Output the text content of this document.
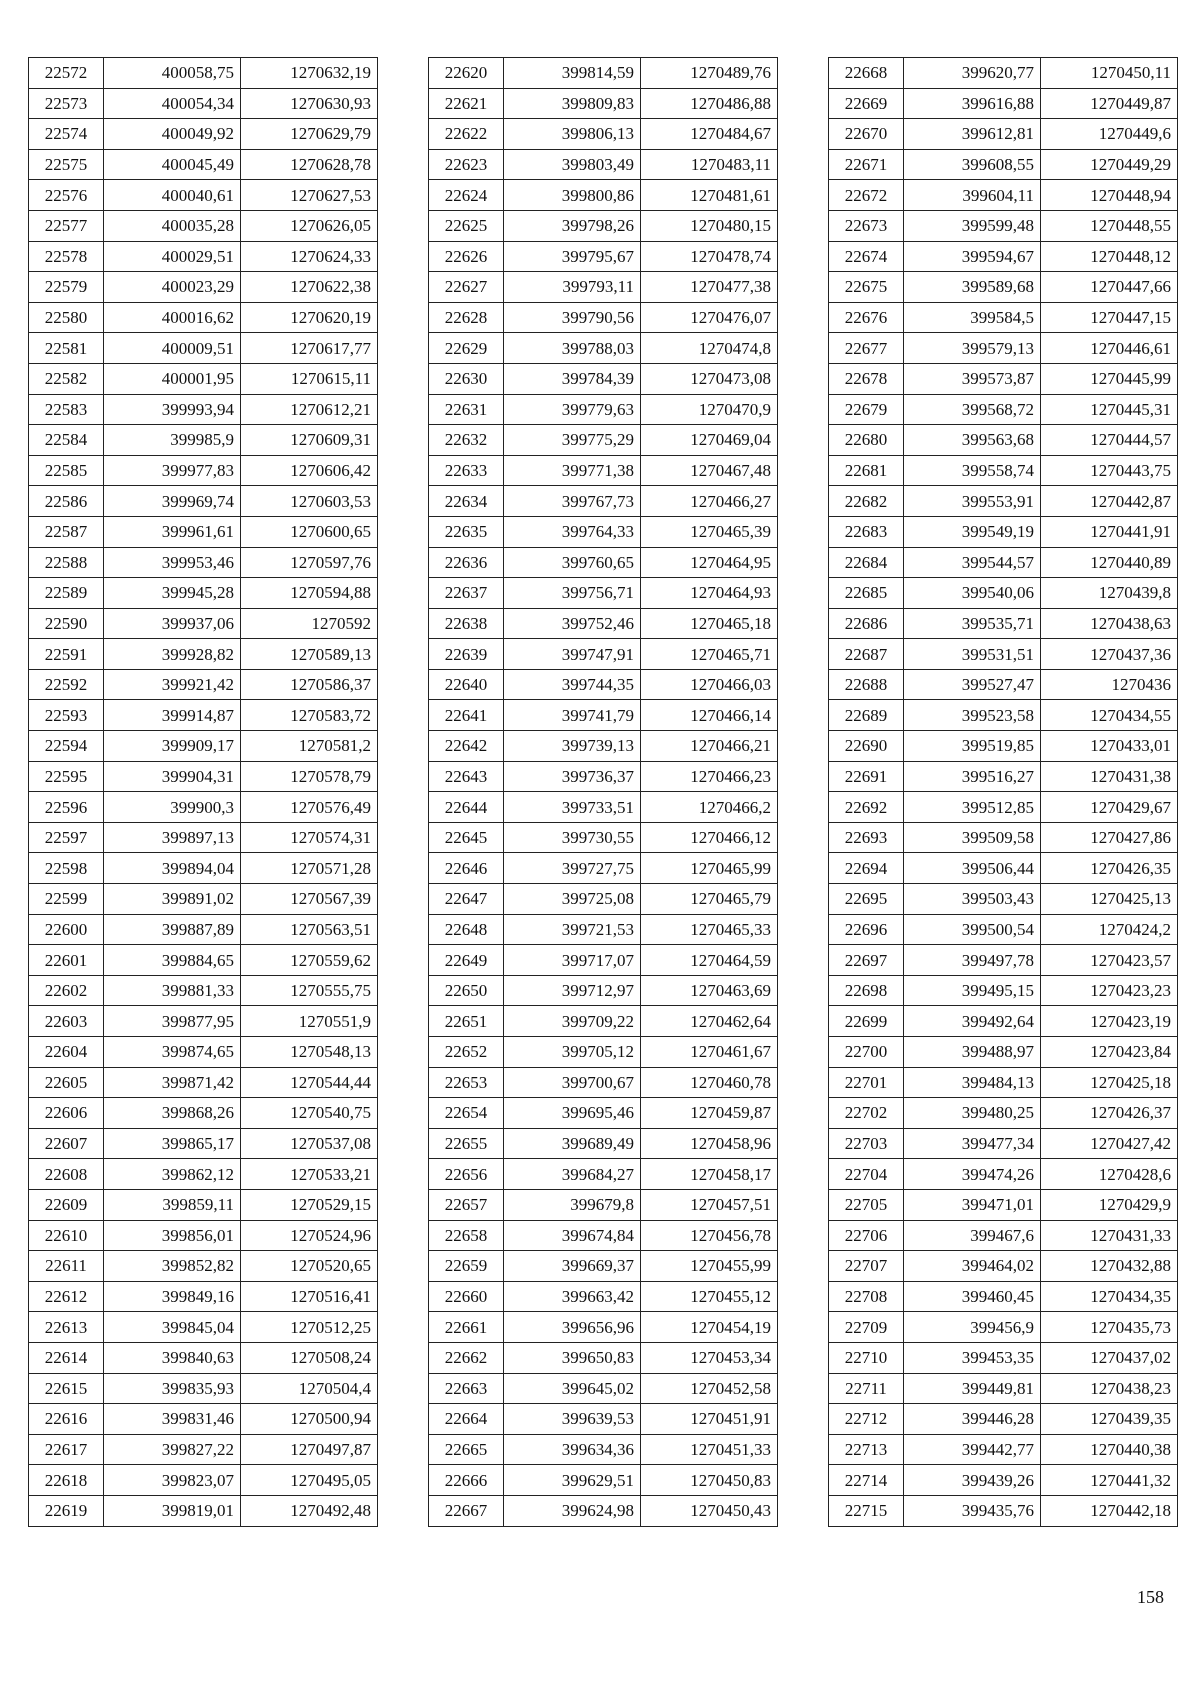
22572	400058,75	1270632,19
22573	400054,34	1270630,93
22574	400049,92	1270629,79
22575	400045,49	1270628,78
22576	400040,61	1270627,53
22577	400035,28	1270626,05
22578	400029,51	1270624,33
22579	400023,29	1270622,38
22580	400016,62	1270620,19
22581	400009,51	1270617,77
22582	400001,95	1270615,11
22583	399993,94	1270612,21
22584	399985,9	1270609,31
22585	399977,83	1270606,42
22586	399969,74	1270603,53
22587	399961,61	1270600,65
22588	399953,46	1270597,76
22589	399945,28	1270594,88
22590	399937,06	1270592
22591	399928,82	1270589,13
22592	399921,42	1270586,37
22593	399914,87	1270583,72
22594	399909,17	1270581,2
22595	399904,31	1270578,79
22596	399900,3	1270576,49
22597	399897,13	1270574,31
22598	399894,04	1270571,28
22599	399891,02	1270567,39
22600	399887,89	1270563,51
22601	399884,65	1270559,62
22602	399881,33	1270555,75
22603	399877,95	1270551,9
22604	399874,65	1270548,13
22605	399871,42	1270544,44
22606	399868,26	1270540,75
22607	399865,17	1270537,08
22608	399862,12	1270533,21
22609	399859,11	1270529,15
22610	399856,01	1270524,96
22611	399852,82	1270520,65
22612	399849,16	1270516,41
22613	399845,04	1270512,25
22614	399840,63	1270508,24
22615	399835,93	1270504,4
22616	399831,46	1270500,94
22617	399827,22	1270497,87
22618	399823,07	1270495,05
22619	399819,01	1270492,48
22620	399814,59	1270489,76
22621	399809,83	1270486,88
22622	399806,13	1270484,67
22623	399803,49	1270483,11
22624	399800,86	1270481,61
22625	399798,26	1270480,15
22626	399795,67	1270478,74
22627	399793,11	1270477,38
22628	399790,56	1270476,07
22629	399788,03	1270474,8
22630	399784,39	1270473,08
22631	399779,63	1270470,9
22632	399775,29	1270469,04
22633	399771,38	1270467,48
22634	399767,73	1270466,27
22635	399764,33	1270465,39
22636	399760,65	1270464,95
22637	399756,71	1270464,93
22638	399752,46	1270465,18
22639	399747,91	1270465,71
22640	399744,35	1270466,03
22641	399741,79	1270466,14
22642	399739,13	1270466,21
22643	399736,37	1270466,23
22644	399733,51	1270466,2
22645	399730,55	1270466,12
22646	399727,75	1270465,99
22647	399725,08	1270465,79
22648	399721,53	1270465,33
22649	399717,07	1270464,59
22650	399712,97	1270463,69
22651	399709,22	1270462,64
22652	399705,12	1270461,67
22653	399700,67	1270460,78
22654	399695,46	1270459,87
22655	399689,49	1270458,96
22656	399684,27	1270458,17
22657	399679,8	1270457,51
22658	399674,84	1270456,78
22659	399669,37	1270455,99
22660	399663,42	1270455,12
22661	399656,96	1270454,19
22662	399650,83	1270453,34
22663	399645,02	1270452,58
22664	399639,53	1270451,91
22665	399634,36	1270451,33
22666	399629,51	1270450,83
22667	399624,98	1270450,43
22668	399620,77	1270450,11
22669	399616,88	1270449,87
22670	399612,81	1270449,6
22671	399608,55	1270449,29
22672	399604,11	1270448,94
22673	399599,48	1270448,55
22674	399594,67	1270448,12
22675	399589,68	1270447,66
22676	399584,5	1270447,15
22677	399579,13	1270446,61
22678	399573,87	1270445,99
22679	399568,72	1270445,31
22680	399563,68	1270444,57
22681	399558,74	1270443,75
22682	399553,91	1270442,87
22683	399549,19	1270441,91
22684	399544,57	1270440,89
22685	399540,06	1270439,8
22686	399535,71	1270438,63
22687	399531,51	1270437,36
22688	399527,47	1270436
22689	399523,58	1270434,55
22690	399519,85	1270433,01
22691	399516,27	1270431,38
22692	399512,85	1270429,67
22693	399509,58	1270427,86
22694	399506,44	1270426,35
22695	399503,43	1270425,13
22696	399500,54	1270424,2
22697	399497,78	1270423,57
22698	399495,15	1270423,23
22699	399492,64	1270423,19
22700	399488,97	1270423,84
22701	399484,13	1270425,18
22702	399480,25	1270426,37
22703	399477,34	1270427,42
22704	399474,26	1270428,6
22705	399471,01	1270429,9
22706	399467,6	1270431,33
22707	399464,02	1270432,88
22708	399460,45	1270434,35
22709	399456,9	1270435,73
22710	399453,35	1270437,02
22711	399449,81	1270438,23
22712	399446,28	1270439,35
22713	399442,77	1270440,38
22714	399439,26	1270441,32
22715	399435,76	1270442,18
158
